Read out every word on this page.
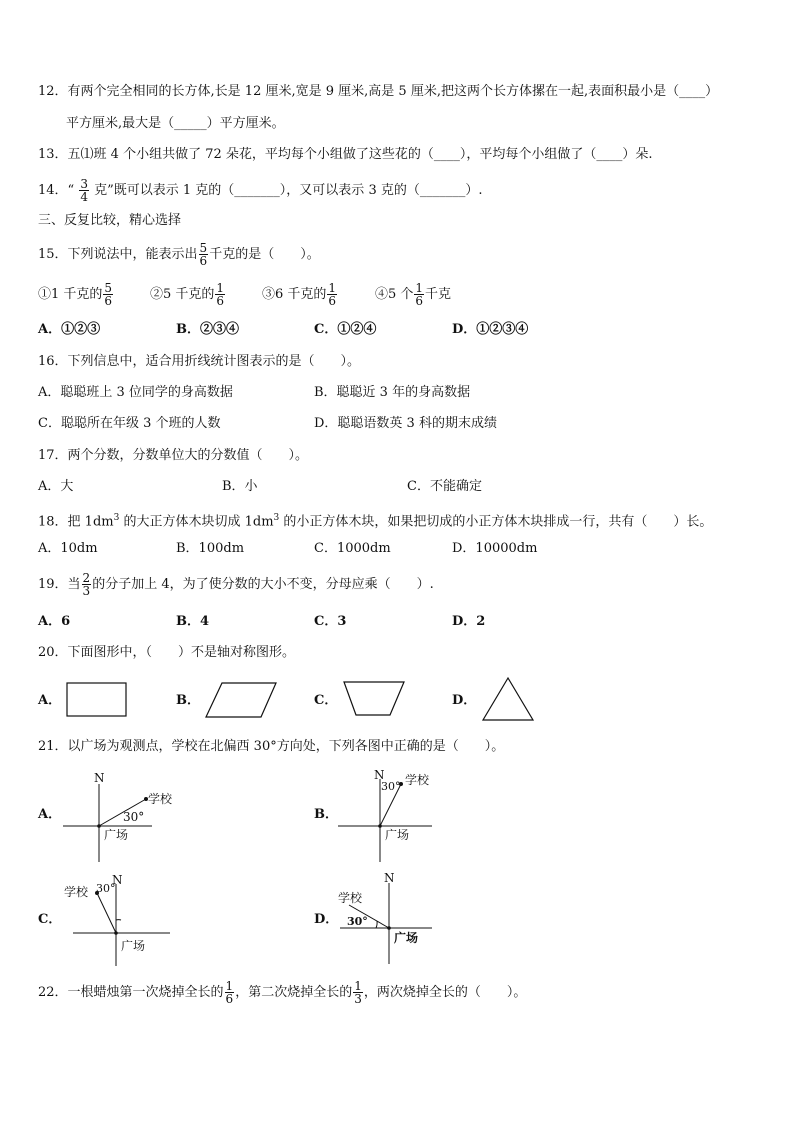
12．有两个完全相同的长方体,长是 12 厘米,宽是 9 厘米,高是 5 厘米,把这两个长方体摞在一起,表面积最小是（____）
平方厘米,最大是（_____）平方厘米。
13．五⑴班 4 个小组共做了 72 朵花，平均每个小组做了这些花的（____），平均每个小组做了（____）朵.
14．“ $\frac{3}{4}$ 克”既可以表示 1 克的（_______），又可以表示 3 克的（_______）.
三、反复比较，精心选择
15．下列说法中，能表示出 $\frac{5}{6}$ 千克的是（　　）。
①1 千克的 $\frac{5}{6}$	②5 千克的 $\frac{1}{6}$	③6 千克的 $\frac{1}{6}$	④5 个 $\frac{1}{6}$ 千克
A．①②③	B．②③④	C．①②④	D．①②③④
16．下列信息中，适合用折线统计图表示的是（　　）。
A．聪聪班上 3 位同学的身高数据	B．聪聪近 3 年的身高数据
C．聪聪所在年级 3 个班的人数	D．聪聪语数英 3 科的期末成绩
17．两个分数，分数单位大的分数值（　　）。
A．大	B．小	C．不能确定
18．把 $1dm^3$ 的大正方体木块切成 $1dm^3$ 的小正方体木块，如果把切成的小正方体木块排成一行，共有（　　）长。
A．10dm	B．100dm	C．1000dm	D．10000dm
19．当 $\frac{2}{3}$ 的分子加上 4，为了使分数的大小不变，分母应乘（　　）.
A．6	B．4	C．3	D．2
20．下面图形中，（　　）不是轴对称图形。
A．	B．	C．	D．
N
学校
30°
广场
N 学校
30°
广场
N
学校 30°
广场
N
学校
30°
广场
21．以广场为观测点，学校在北偏西 30°方向处，下列各图中正确的是（　　）。
A．	B．
C．	D．
22．一根蜡烛第一次烧掉全长的 $\frac{1}{6}$ ，第二次烧掉全长的 $\frac{1}{3}$ ，两次烧掉全长的（　　）。
